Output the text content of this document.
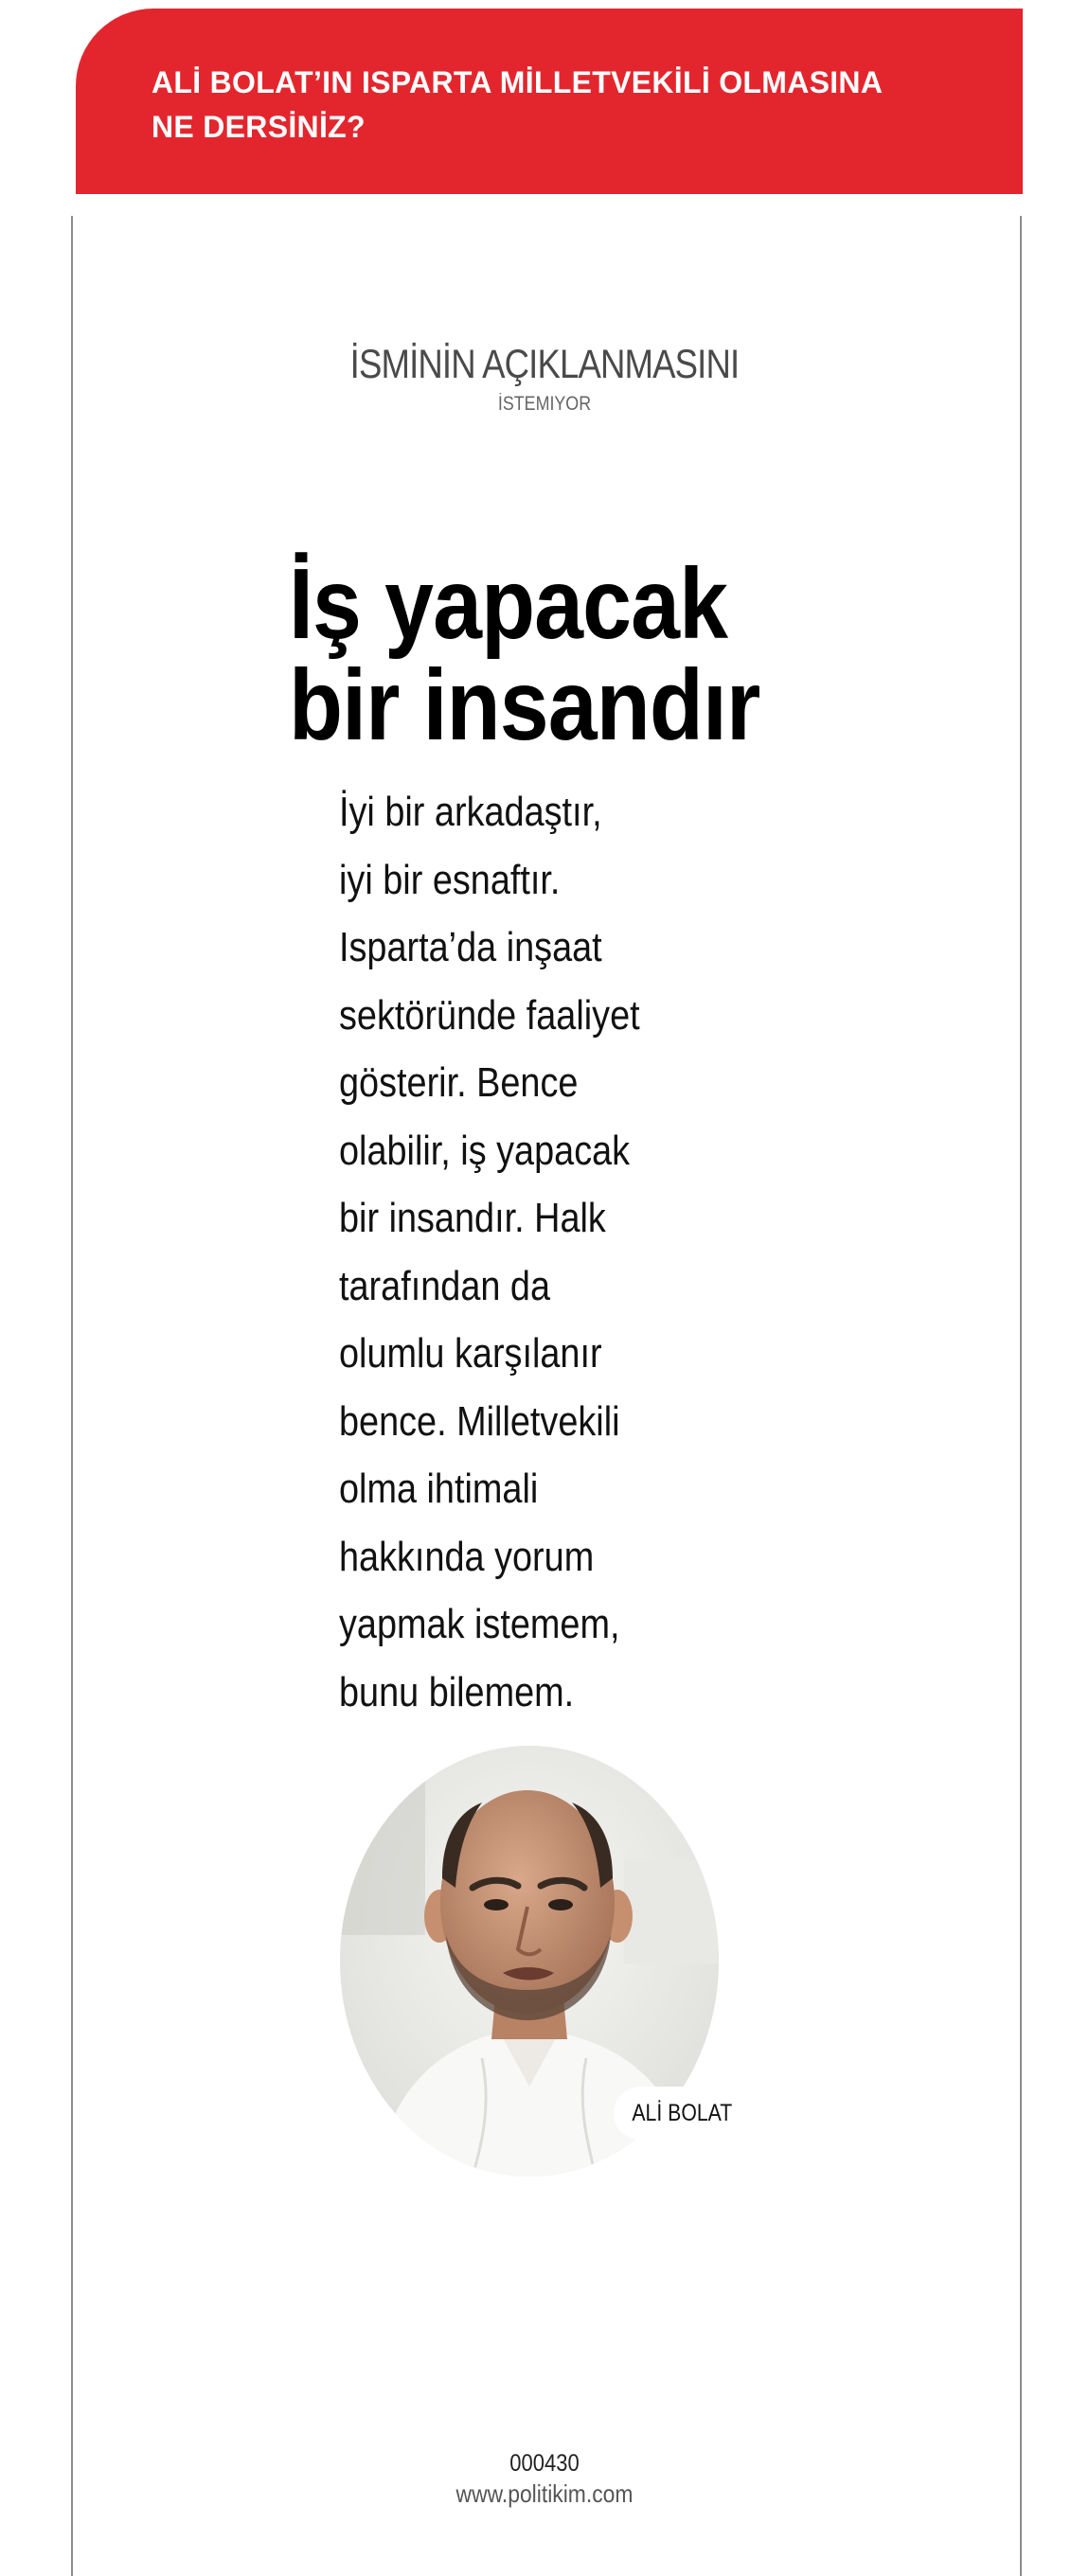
ALİ BOLAT’IN ISPARTA MİLLETVEKİLİ OLMASINA
NE DERSİNİZ?
İSMİNİN AÇIKLANMASINI
İSTEMIYOR
İş yapacak
bir insandır
İyi bir arkadaştır,
iyi bir esnaftır.
Isparta’da inşaat
sektöründe faaliyet
gösterir. Bence
olabilir, iş yapacak
bir insandır. Halk
tarafından da
olumlu karşılanır
bence. Milletvekili
olma ihtimali
hakkında yorum
yapmak istemem,
bunu bilemem.
ALİ BOLAT
000430
www.politikim.com
